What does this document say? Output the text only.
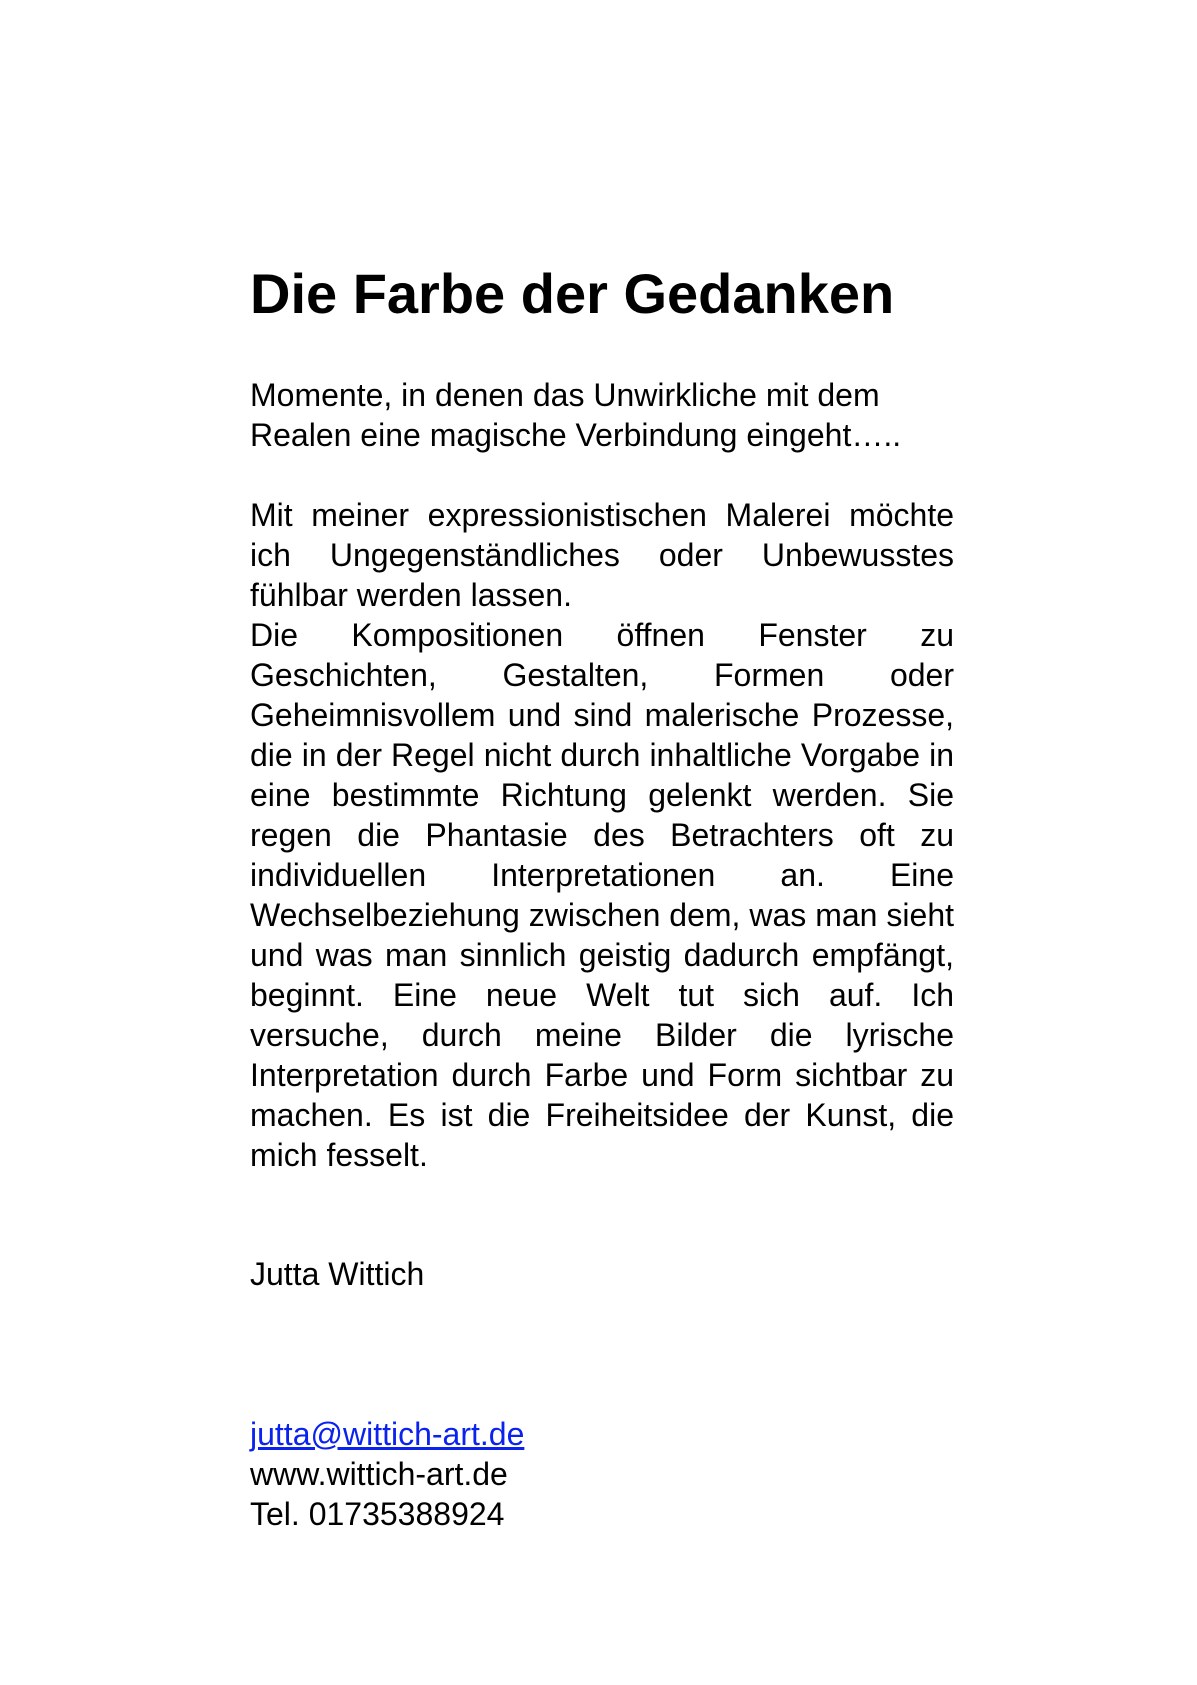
Die Farbe der Gedanken
Momente, in denen das Unwirkliche mit dem
Realen eine magische Verbindung eingeht…..

Mit meiner expressionistischen Malerei möchte ich Ungegenständliches oder Unbewusstes fühlbar werden lassen.

Die Kompositionen öffnen Fenster zu Geschichten, Gestalten, Formen oder Geheimnisvollem und sind malerische Prozesse, die in der Regel nicht durch inhaltliche Vorgabe in eine bestimmte Richtung gelenkt werden. Sie regen die Phantasie des Betrachters oft zu individuellen Interpretationen an. Eine Wechselbeziehung zwischen dem, was man sieht und was man sinnlich geistig dadurch empfängt, beginnt. Eine neue Welt tut sich auf. Ich versuche, durch meine Bilder die lyrische Interpretation durch Farbe und Form sichtbar zu machen. Es ist die Freiheitsidee der Kunst, die mich fesselt.

Jutta Wittich
jutta@wittich-art.de
www.wittich-art.de
Tel. 01735388924
